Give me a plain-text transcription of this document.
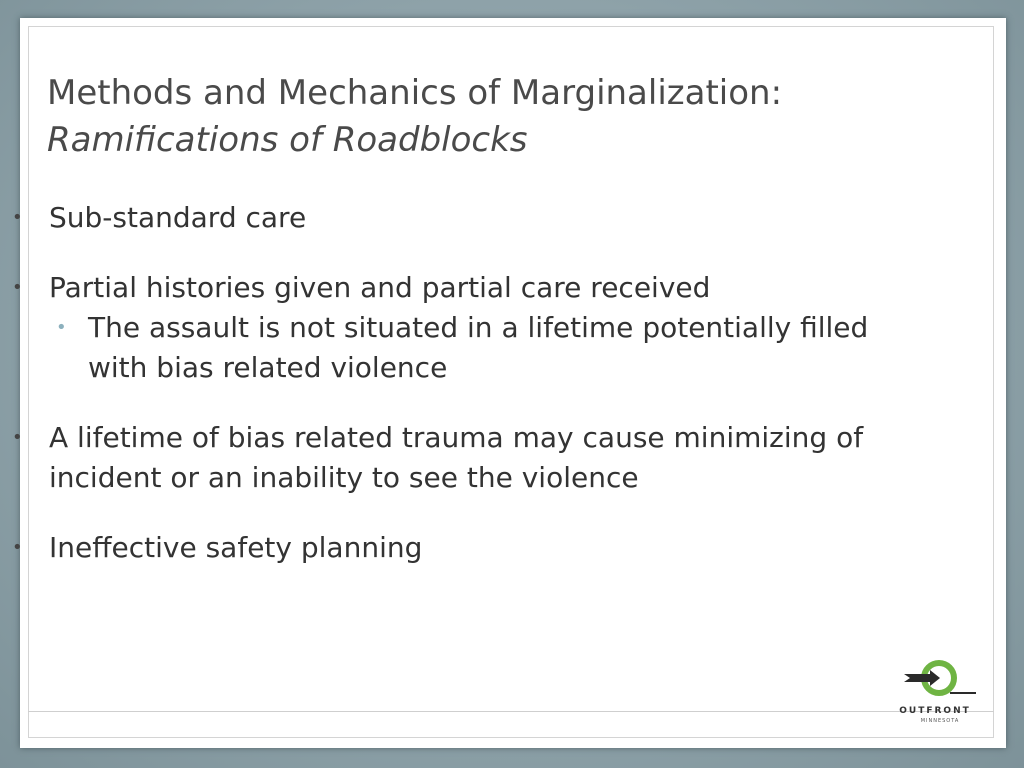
Methods and Mechanics of Marginalization:
Ramifications of Roadblocks
• Sub-standard care
• Partial histories given and partial care received
• The assault is not situated in a lifetime potentially filled with bias related violence
• A lifetime of bias related trauma may cause minimizing of incident or an inability to see the violence
• Ineffective safety planning
OUTFRONT
MINNESOTA
